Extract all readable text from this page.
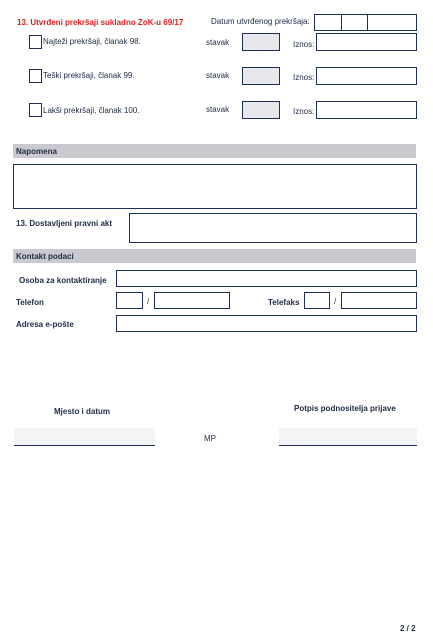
13. Utvrđeni prekršaji sukladno ZoK-u 69/17	Datum utvrđenog prekršaja:
Najteži prekršaji, članak 98.	stavak	Iznos:
Teški prekršaji, članak 99.	stavak	Iznos:
Lakši prekršaji, članak 100.	stavak	Iznos:
Napomena
13. Dostavljeni pravni akt
Kontakt podaci
Osoba za kontaktiranje
Telefon	/	Telefaks	/
Adresa e-pošte
Mjesto i datum	Potpis podnositelja prijave
MP
2 / 2
